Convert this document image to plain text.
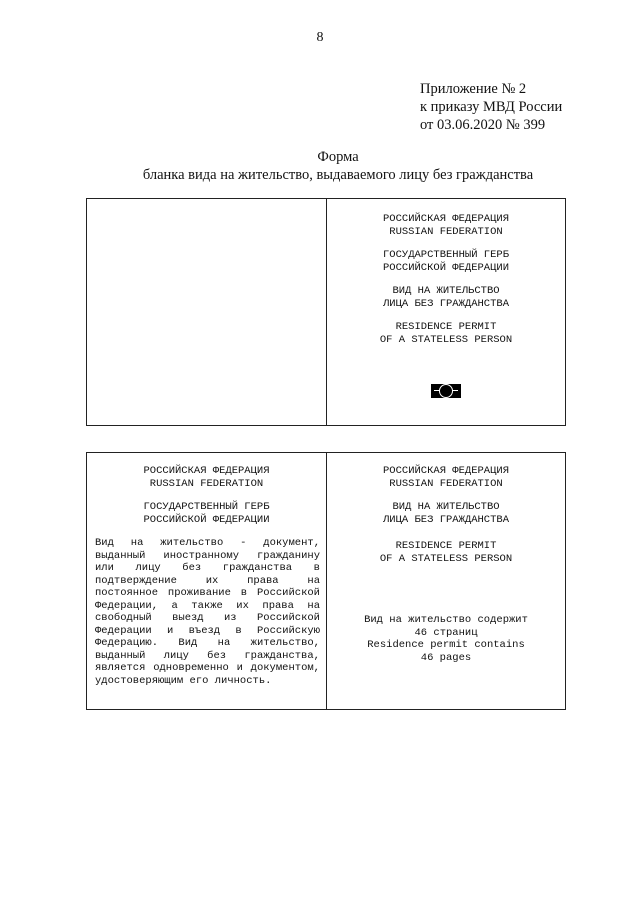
8
Приложение № 2
к приказу МВД России
от 03.06.2020 № 399
Форма
бланка вида на жительство, выдаваемого лицу без гражданства
РОССИЙСКАЯ ФЕДЕРАЦИЯ
RUSSIAN FEDERATION
ГОСУДАРСТВЕННЫЙ ГЕРБ
РОССИЙСКОЙ ФЕДЕРАЦИИ
ВИД НА ЖИТЕЛЬСТВО
ЛИЦА БЕЗ ГРАЖДАНСТВА
RESIDENCE PERMIT
OF A STATELESS PERSON
РОССИЙСКАЯ ФЕДЕРАЦИЯ
RUSSIAN FEDERATION
ГОСУДАРСТВЕННЫЙ ГЕРБ
РОССИЙСКОЙ ФЕДЕРАЦИИ
Вид на жительство - документ,
выданный иностранному гражданину
или лицу без гражданства в
подтверждение	их	права	на
постоянное проживание в Российской
Федерации, а также их права на
свободный выезд из Российской
Федерации и въезд в Российскую
Федерацию. Вид на жительство,
выданный лицу без гражданства,
является одновременно и документом,
удостоверяющим его личность.
РОССИЙСКАЯ ФЕДЕРАЦИЯ
RUSSIAN FEDERATION
ВИД НА ЖИТЕЛЬСТВО
ЛИЦА БЕЗ ГРАЖДАНСТВА
RESIDENCE PERMIT
OF A STATELESS PERSON
Вид на жительство содержит
46 страниц
Residence permit contains
46 pages
